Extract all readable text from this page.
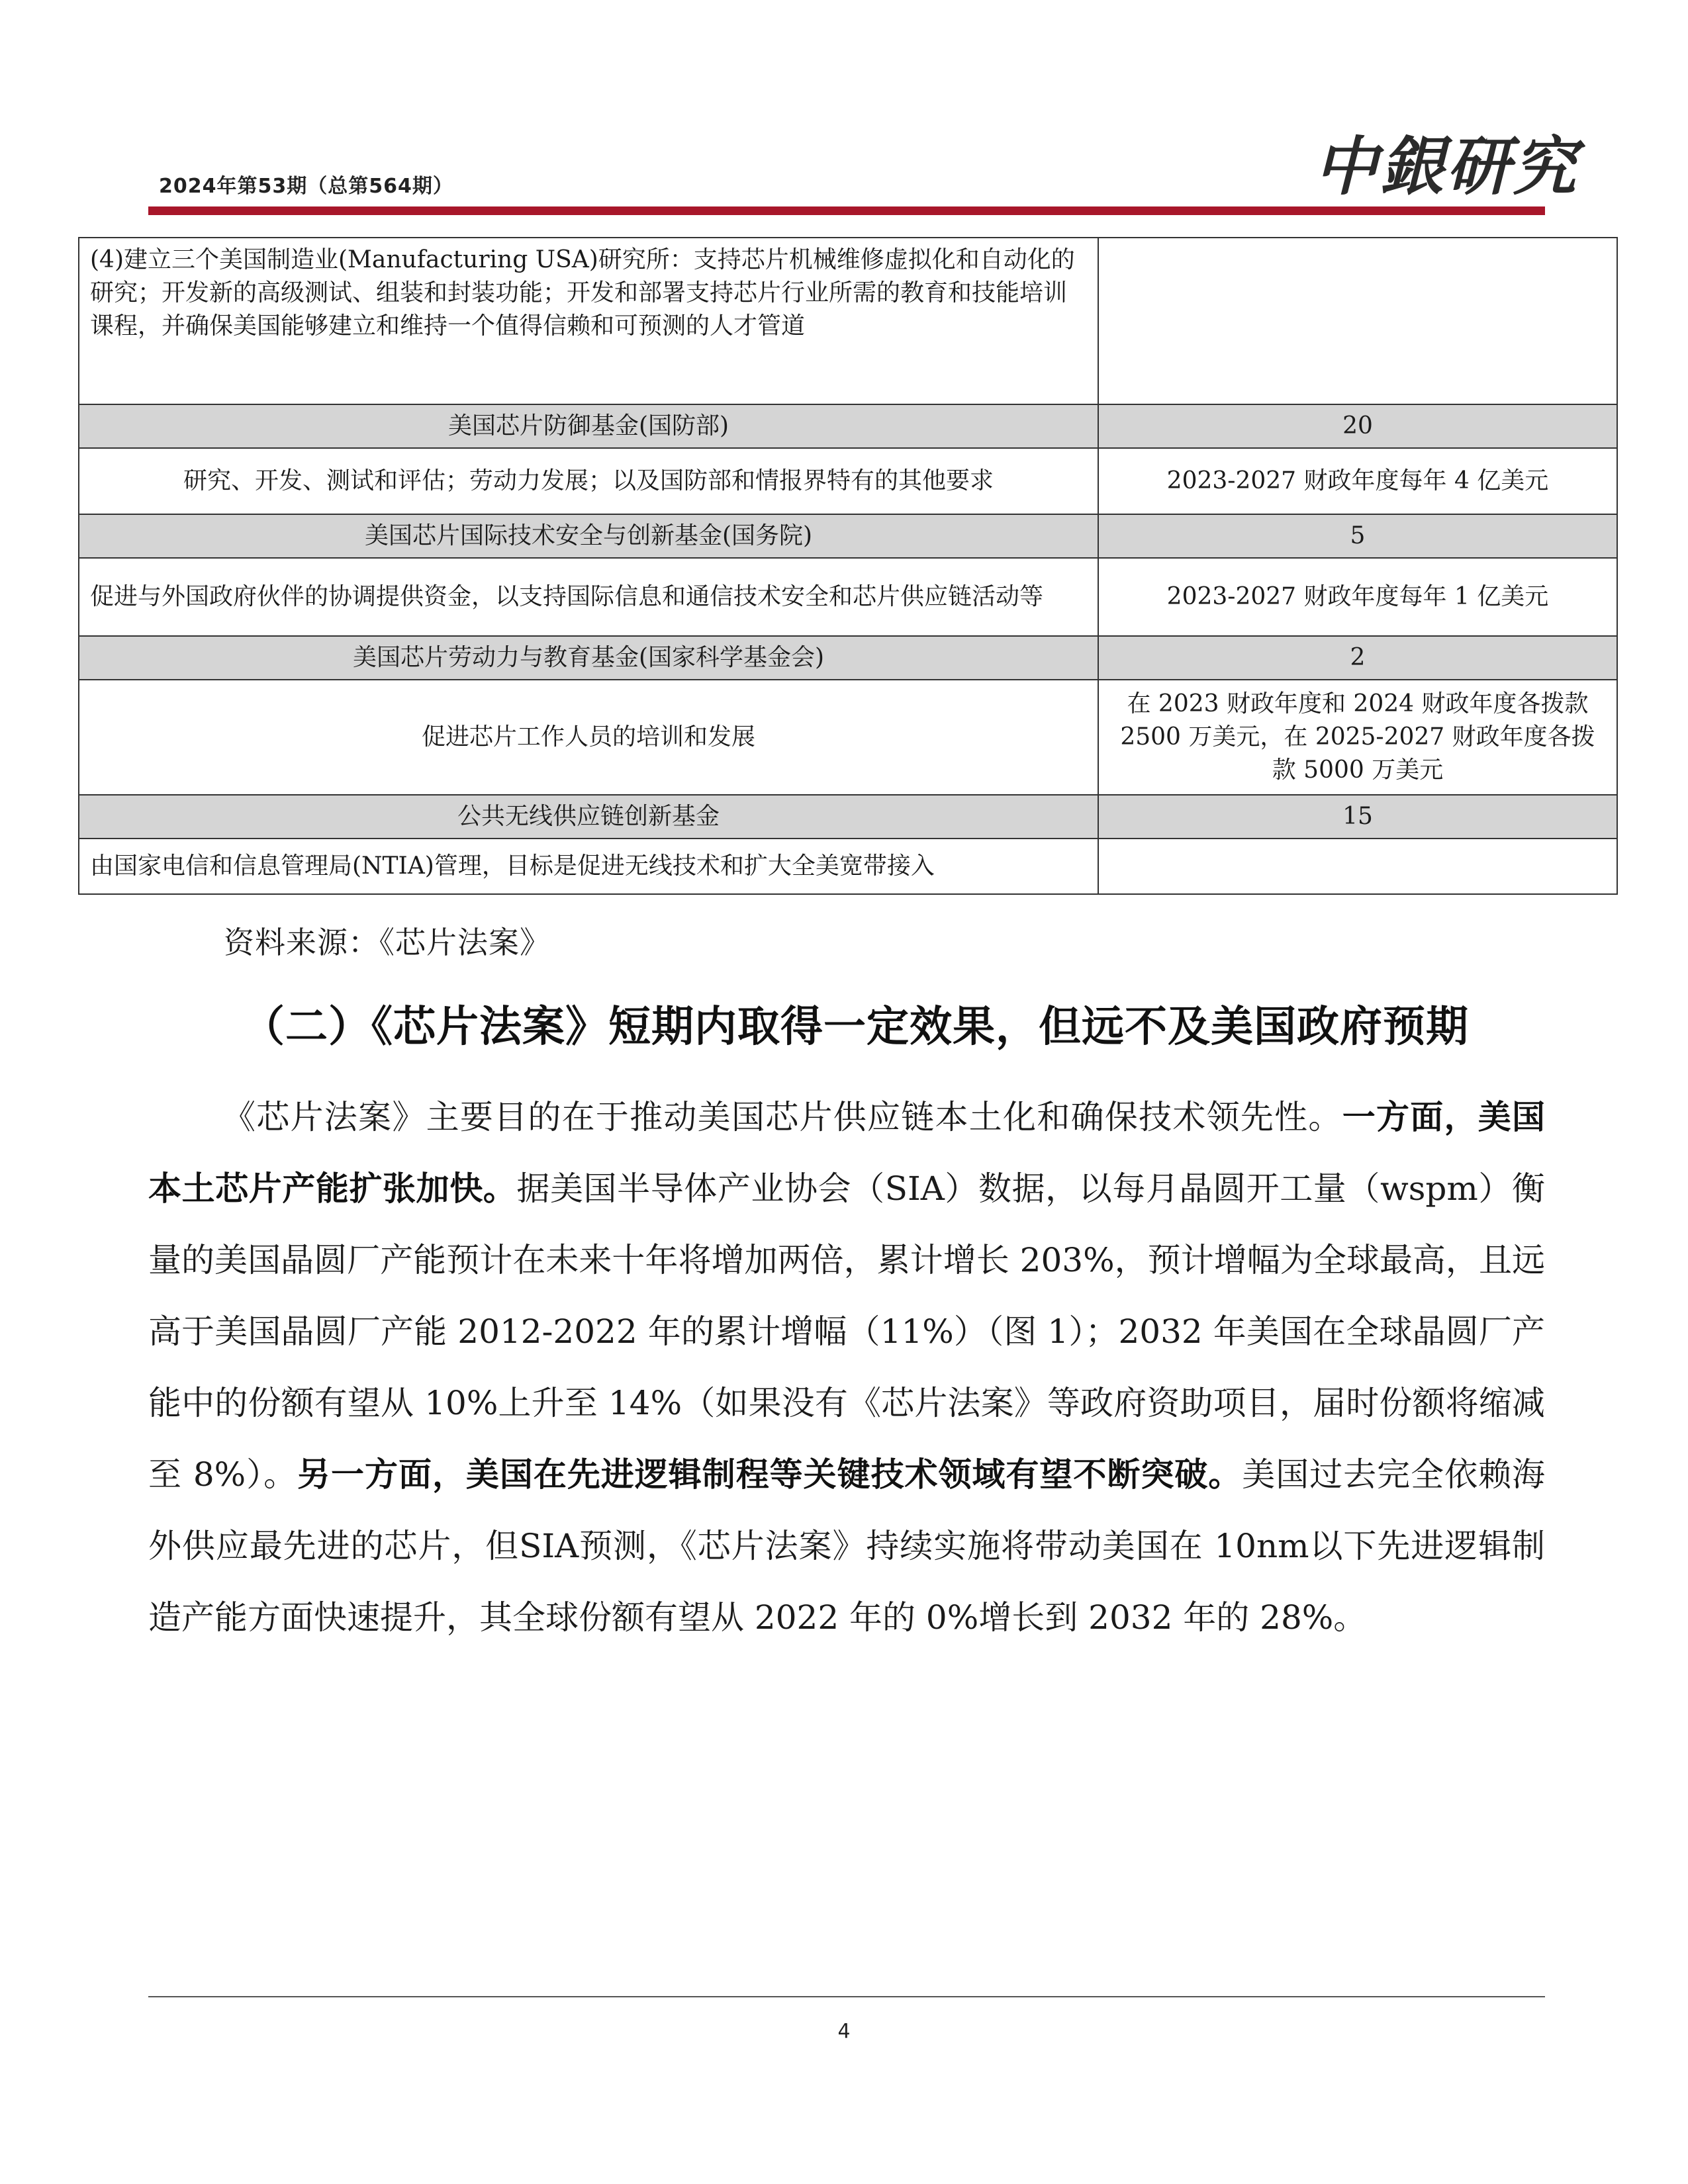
2024年第53期（总第564期）	中銀研究
(4)建立三个美国制造业(Manufacturing USA)研究所：支持芯片机械维修虚拟化和自动化的研究；开发新的高级测试、组装和封装功能；开发和部署支持芯片行业所需的教育和技能培训课程，并确保美国能够建立和维持一个值得信赖和可预测的人才管道	
美国芯片防御基金(国防部)	20
研究、开发、测试和评估；劳动力发展；以及国防部和情报界特有的其他要求	2023-2027 财政年度每年 4 亿美元
美国芯片国际技术安全与创新基金(国务院)	5
促进与外国政府伙伴的协调提供资金，以支持国际信息和通信技术安全和芯片供应链活动等	2023-2027 财政年度每年 1 亿美元
美国芯片劳动力与教育基金(国家科学基金会)	2
促进芯片工作人员的培训和发展	在 2023 财政年度和 2024 财政年度各拨款 2500 万美元，在 2025-2027 财政年度各拨款 5000 万美元
公共无线供应链创新基金	15
由国家电信和信息管理局(NTIA)管理，目标是促进无线技术和扩大全美宽带接入	
资料来源：《芯片法案》
（二）《芯片法案》短期内取得一定效果，但远不及美国政府预期
《芯片法案》主要目的在于推动美国芯片供应链本土化和确保技术领先性。一方面，美国本土芯片产能扩张加快。据美国半导体产业协会（SIA）数据，以每月晶圆开工量（wspm）衡量的美国晶圆厂产能预计在未来十年将增加两倍，累计增长 203%，预计增幅为全球最高，且远高于美国晶圆厂产能 2012-2022 年的累计增幅（11%）（图 1）；2032 年美国在全球晶圆厂产能中的份额有望从 10%上升至 14%（如果没有《芯片法案》等政府资助项目，届时份额将缩减至 8%）。另一方面，美国在先进逻辑制程等关键技术领域有望不断突破。美国过去完全依赖海外供应最先进的芯片，但SIA预测，《芯片法案》持续实施将带动美国在 10nm以下先进逻辑制造产能方面快速提升，其全球份额有望从 2022 年的 0%增长到 2032 年的 28%。
4
